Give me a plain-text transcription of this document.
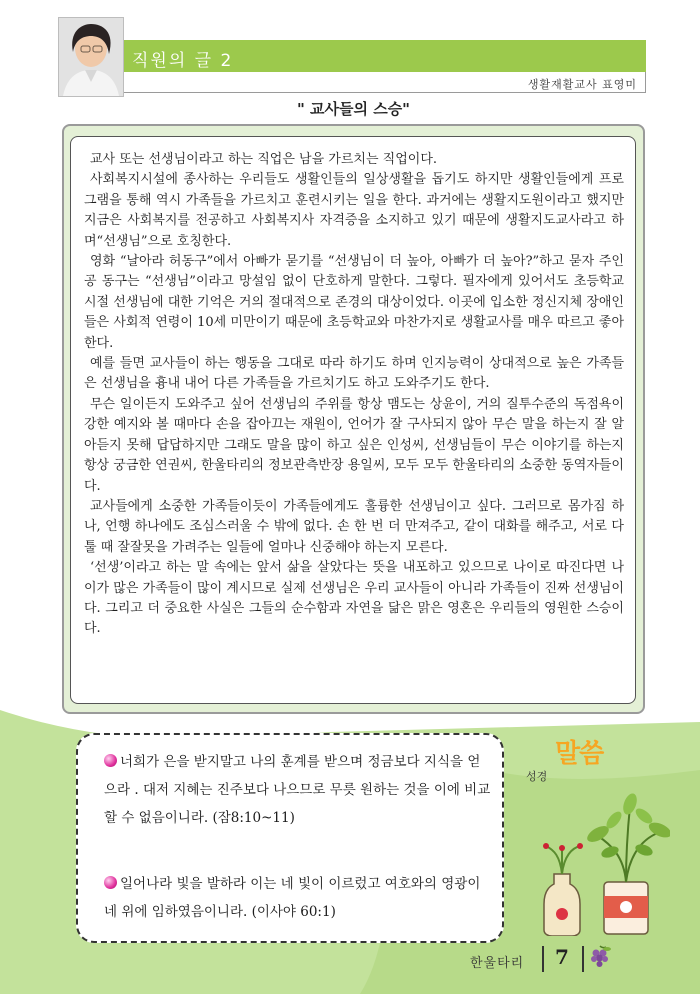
직원의 글 2
생활재활교사 표영미
" 교사들의 스승"

교사 또는 선생님이라고 하는 직업은 남을 가르치는 직업이다.

사회복지시설에 종사하는 우리들도 생활인들의 일상생활을 돕기도 하지만 생활인들에게 프로그램을 통해 역시 가족들을 가르치고 훈련시키는 일을 한다. 과거에는 생활지도원이라고 했지만 지금은 사회복지를 전공하고 사회복지사 자격증을 소지하고 있기 때문에 생활지도교사라고 하며“선생님”으로 호칭한다.

영화 “날아라 허동구”에서 아빠가 묻기를 “선생님이 더 높아, 아빠가 더 높아?”하고 묻자 주인공 동구는 “선생님”이라고 망설임 없이 단호하게 말한다. 그렇다. 필자에게 있어서도 초등학교 시절 선생님에 대한 기억은 거의 절대적으로 존경의 대상이었다. 이곳에 입소한 정신지체 장애인들은 사회적 연령이 10세 미만이기 때문에 초등학교와 마찬가지로 생활교사를 매우 따르고 좋아 한다.

예를 들면 교사들이 하는 행동을 그대로 따라 하기도 하며 인지능력이 상대적으로 높은 가족들은 선생님을 흉내 내어 다른 가족들을 가르치기도 하고 도와주기도 한다.

무슨 일이든지 도와주고 싶어 선생님의 주위를 항상 맴도는 상윤이, 거의 질투수준의 독점욕이 강한 예지와 볼 때마다 손을 잡아끄는 재원이, 언어가 잘 구사되지 않아 무슨 말을 하는지 잘 알아듣지 못해 답답하지만 그래도 말을 많이 하고 싶은 인성씨, 선생님들이 무슨 이야기를 하는지 항상 궁금한 연권씨, 한울타리의 정보관측반장 용일씨, 모두 모두 한울타리의 소중한 동역자들이다.

교사들에게 소중한 가족들이듯이 가족들에게도 훌륭한 선생님이고 싶다. 그러므로 몸가짐 하나, 언행 하나에도 조심스러울 수 밖에 없다. 손 한 번 더 만져주고, 같이 대화를 해주고, 서로 다툴 때 잘잘못을 가려주는 일들에 얼마나 신중해야 하는지 모른다.

‘선생’이라고 하는 말 속에는 앞서 삶을 살았다는 뜻을 내포하고 있으므로 나이로 따진다면 나이가 많은 가족들이 많이 계시므로 실제 선생님은 우리 교사들이 아니라 가족들이 진짜 선생님이다. 그리고 더 중요한 사실은 그들의 순수함과 자연을 닮은 맑은 영혼은 우리들의 영원한 스승이다.

너희가 은을 받지말고 나의 훈계를 받으며 정금보다 지식을 얻으라 . 대저 지혜는 진주보다 나으므로 무릇 원하는 것을 이에 비교할 수 없음이니라. (잠8:10~11)
일어나라 빛을 발하라 이는 네 빛이 이르렀고 여호와의 영광이 네 위에 임하였음이니라. (이사야 60:1)
성경
말씀
한울타리 7
